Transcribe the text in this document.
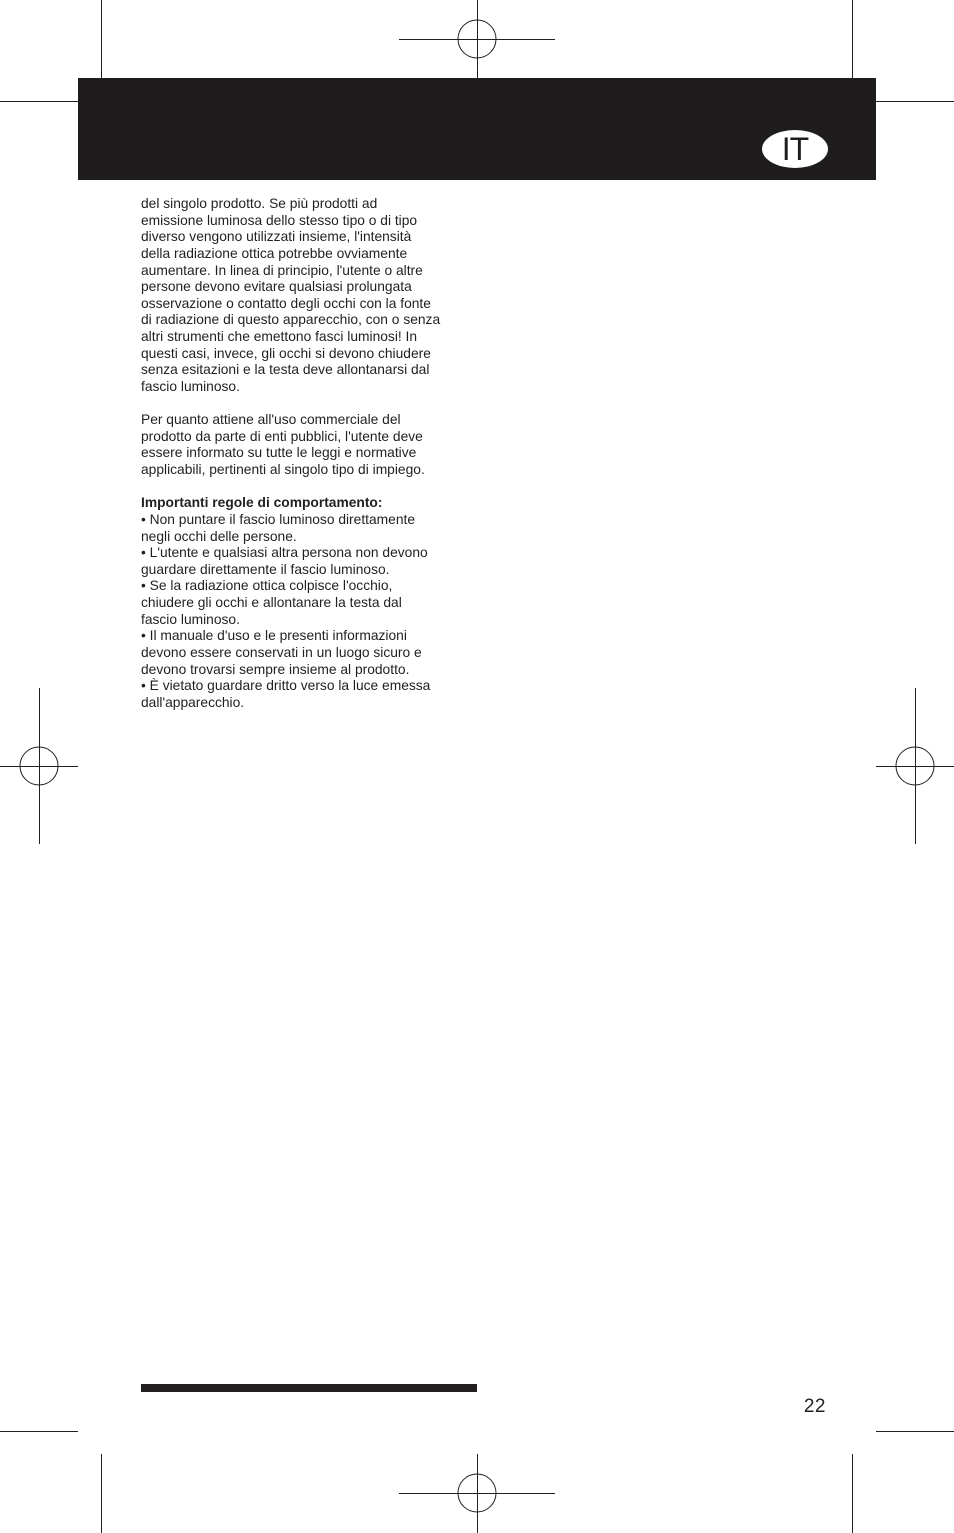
IT
del singolo prodotto. Se più prodotti ad
emissione luminosa dello stesso tipo o di tipo
diverso vengono utilizzati insieme, l'intensità
della radiazione ottica potrebbe ovviamente
aumentare. In linea di principio, l'utente o altre
persone devono evitare qualsiasi prolungata
osservazione o contatto degli occhi con la fonte
di radiazione di questo apparecchio, con o senza
altri strumenti che emettono fasci luminosi! In
questi casi, invece, gli occhi si devono chiudere
senza esitazioni e la testa deve allontanarsi dal
fascio luminoso.
Per quanto attiene all'uso commerciale del
prodotto da parte di enti pubblici, l'utente deve
essere informato su tutte le leggi e normative
applicabili, pertinenti al singolo tipo di impiego.
Importanti regole di comportamento:
• Non puntare il fascio luminoso direttamente
negli occhi delle persone.
• L'utente e qualsiasi altra persona non devono
guardare direttamente il fascio luminoso.
• Se la radiazione ottica colpisce l'occhio,
chiudere gli occhi e allontanare la testa dal
fascio luminoso.
• Il manuale d'uso e le presenti informazioni
devono essere conservati in un luogo sicuro e
devono trovarsi sempre insieme al prodotto.
• È vietato guardare dritto verso la luce emessa
dall'apparecchio.
22
